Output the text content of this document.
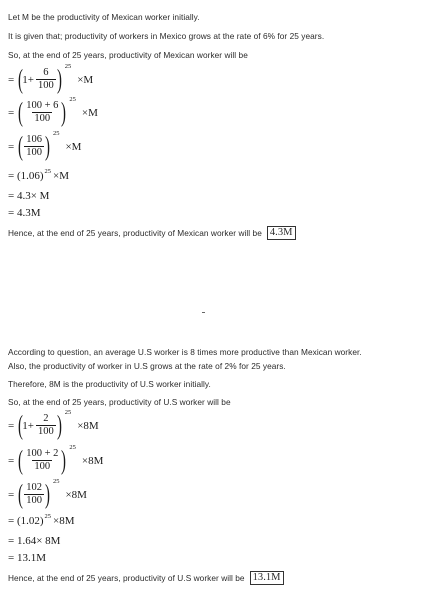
Let M be the productivity of Mexican worker initially.
It is given that; productivity of workers in Mexico grows at the rate of 6% for 25 years.
So, at the end of 25 years, productivity of Mexican worker will be
= ( $1+ \frac{6}{100}$ ) 25
×M
= ( $\frac{100 + 6}{100}$ ) 25
×M
= ( $\frac{106}{100}$ ) 25
×M
= (1.06) 25 ×M
= 4.3× M
= 4.3M
Hence, at the end of 25 years, productivity of Mexican worker will be 4.3M
According to question, an average U.S worker is 8 times more productive than Mexican worker.
Also, the productivity of worker in U.S grows at the rate of 2% for 25 years.
Therefore, 8M is the productivity of U.S worker initially.
So, at the end of 25 years, productivity of U.S worker will be
= ( $1+ \frac{2}{100}$ ) 25
×8M
= ( $\frac{100 + 2}{100}$ ) 25
×8M
= ( $\frac{102}{100}$ ) 25
×8M
= (1.02) 25 ×8M
= 1.64× 8M
= 13.1M
Hence, at the end of 25 years, productivity of U.S worker will be 13.1M
